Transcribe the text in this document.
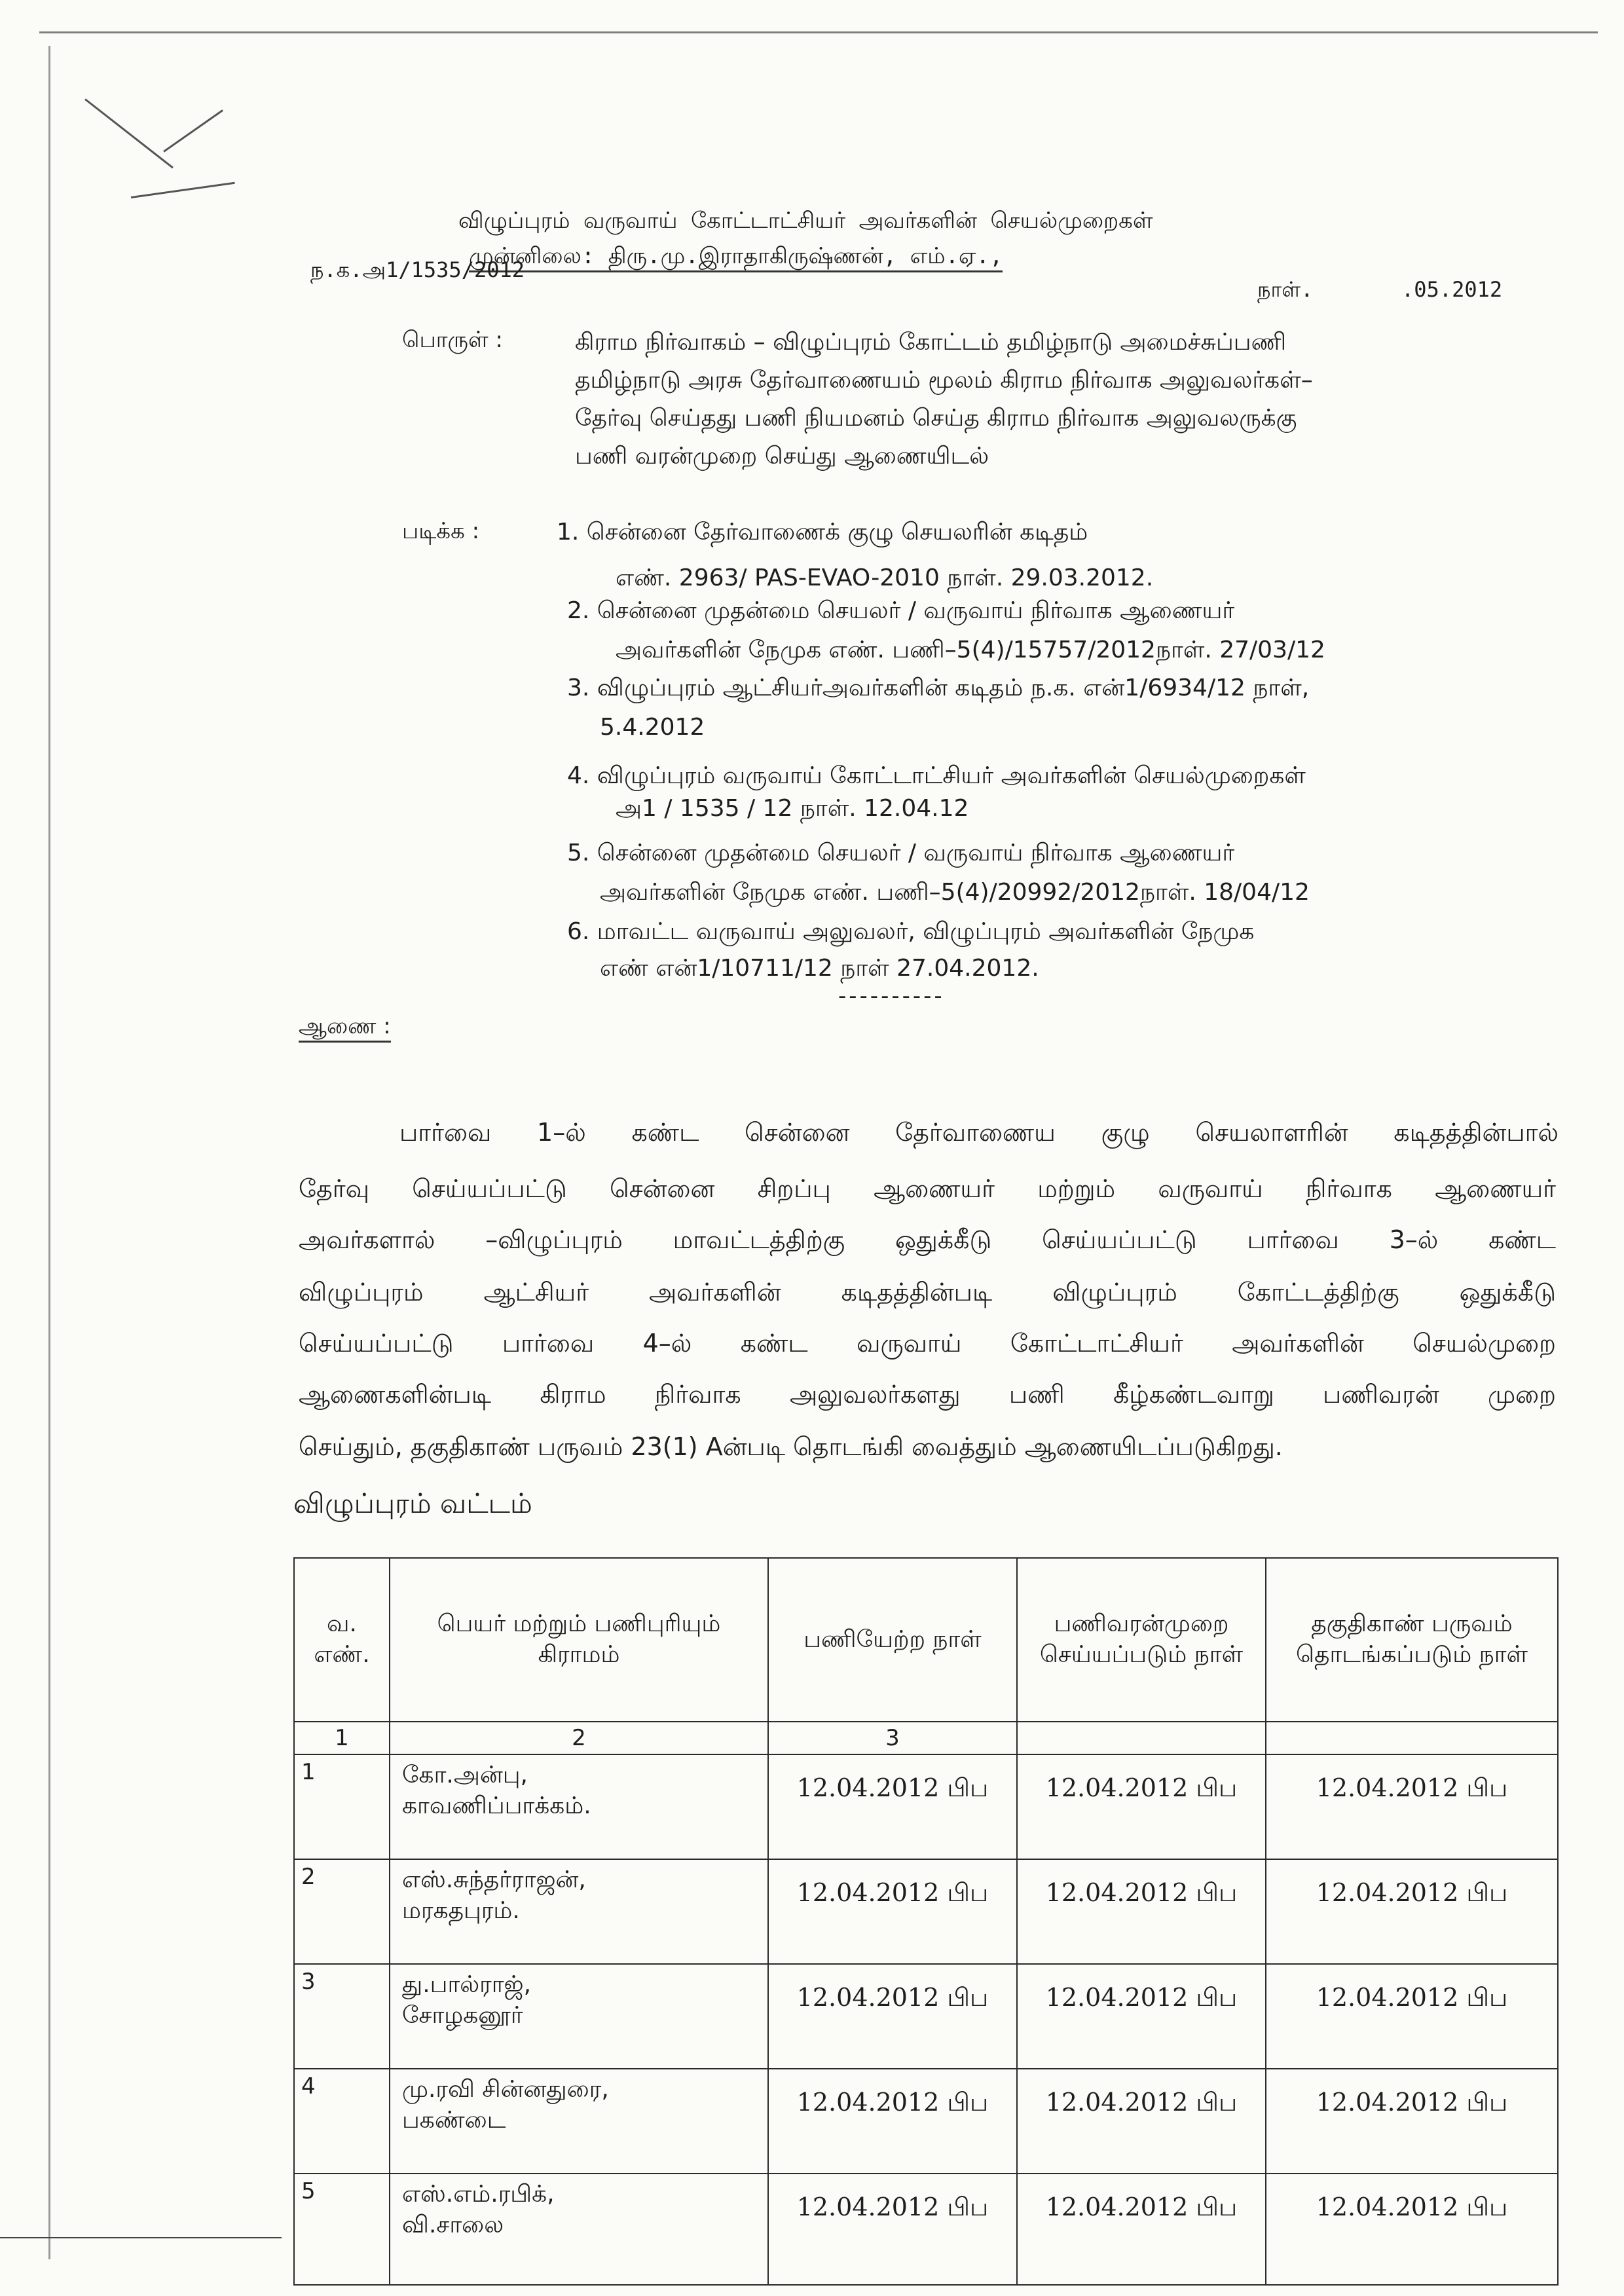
விழுப்புரம் வருவாய் கோட்டாட்சியர் அவர்களின் செயல்முறைகள்
முன்னிலை: திரு.மு.இராதாகிருஷ்ணன், எம்.ஏ.,
ந.க.அ1/1535/2012
நாள்.	.05.2012
பொருள் :	கிராம நிர்வாகம் – விழுப்புரம் கோட்டம் தமிழ்நாடு அமைச்சுப்பணி
தமிழ்நாடு அரசு தேர்வாணையம் மூலம் கிராம நிர்வாக அலுவலர்கள்–
தேர்வு செய்தது பணி நியமனம் செய்த கிராம நிர்வாக அலுவலருக்கு
பணி வரன்முறை செய்து ஆணையிடல்
படிக்க :	1. சென்னை தேர்வாணைக் குழு செயலரின் கடிதம்
எண். 2963/ PAS-EVAO-2010 நாள். 29.03.2012.
2. சென்னை முதன்மை செயலர் / வருவாய் நிர்வாக ஆணையர்
அவர்களின் நேமுக எண். பணி–5(4)/15757/2012நாள். 27/03/12
3. விழுப்புரம் ஆட்சியர்அவர்களின் கடிதம் ந.க. என்1/6934/12 நாள்,
5.4.2012
4. விழுப்புரம் வருவாய் கோட்டாட்சியர் அவர்களின் செயல்முறைகள்
அ1 / 1535 / 12 நாள். 12.04.12
5. சென்னை முதன்மை செயலர் / வருவாய் நிர்வாக ஆணையர்
அவர்களின் நேமுக எண். பணி–5(4)/20992/2012நாள். 18/04/12
6. மாவட்ட வருவாய் அலுவலர், விழுப்புரம் அவர்களின் நேமுக
எண் என்1/10711/12 நாள் 27.04.2012.
----------
ஆணை :
பார்வை 1–ல் கண்ட சென்னை தேர்வாணைய குழு செயலாளரின் கடிதத்தின்பால்
தேர்வு செய்யப்பட்டு சென்னை சிறப்பு ஆணையர் மற்றும் வருவாய் நிர்வாக ஆணையர்
அவர்களால் –விழுப்புரம் மாவட்டத்திற்கு ஒதுக்கீடு செய்யப்பட்டு பார்வை 3–ல் கண்ட
விழுப்புரம் ஆட்சியர் அவர்களின் கடிதத்தின்படி விழுப்புரம் கோட்டத்திற்கு ஒதுக்கீடு
செய்யப்பட்டு பார்வை 4–ல் கண்ட வருவாய் கோட்டாட்சியர் அவர்களின் செயல்முறை
ஆணைகளின்படி கிராம நிர்வாக அலுவலர்களது பணி கீழ்கண்டவாறு பணிவரன் முறை
செய்தும், தகுதிகாண் பருவம் 23(1) Aன்படி தொடங்கி வைத்தும் ஆணையிடப்படுகிறது.
விழுப்புரம் வட்டம்
வ. எண்.	பெயர் மற்றும் பணிபுரியும் கிராமம்	பணியேற்ற நாள்	பணிவரன்முறை செய்யப்படும் நாள்	தகுதிகாண் பருவம் தொடங்கப்படும் நாள்
1	2	3		
1	கோ.அன்பு,
காவணிப்பாக்கம்.	12.04.2012 பிப	12.04.2012 பிப	12.04.2012 பிப
2	எஸ்.சுந்தர்ராஜன்,
மரகதபுரம்.	12.04.2012 பிப	12.04.2012 பிப	12.04.2012 பிப
3	து.பால்ராஜ்,
சோழகனூர்	12.04.2012 பிப	12.04.2012 பிப	12.04.2012 பிப
4	மு.ரவி சின்னதுரை,
பகண்டை	12.04.2012 பிப	12.04.2012 பிப	12.04.2012 பிப
5	எஸ்.எம்.ரபிக்,
வி.சாலை	12.04.2012 பிப	12.04.2012 பிப	12.04.2012 பிப
